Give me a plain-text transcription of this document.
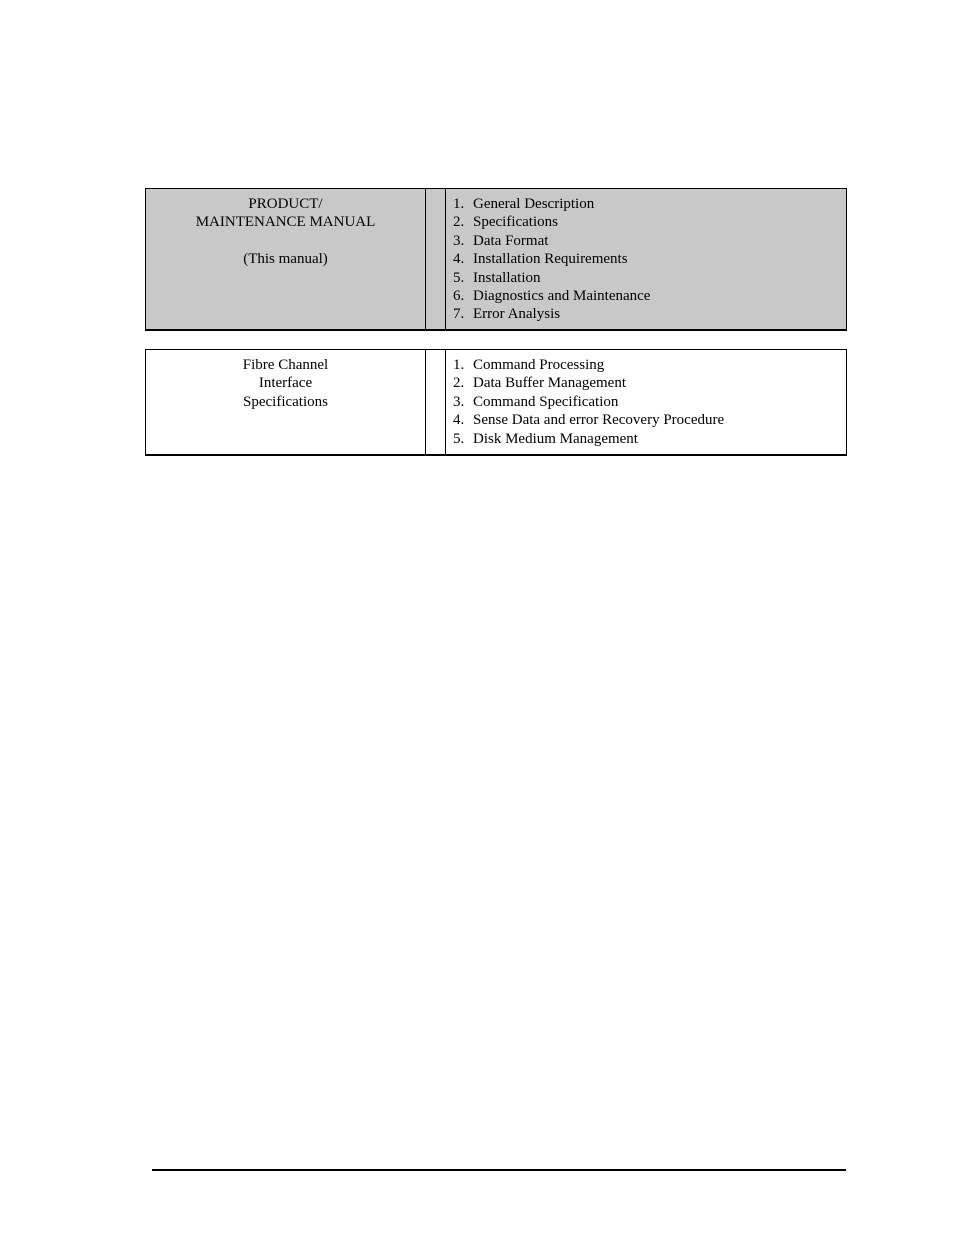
PRODUCT/
MAINTENANCE MANUAL
(This manual)
1. General Description
2. Specifications
3. Data Format
4. Installation Requirements
5. Installation
6. Diagnostics and Maintenance
7. Error Analysis
Fibre Channel
Interface
Specifications
1. Command Processing
2. Data Buffer Management
3. Command Specification
4. Sense Data and error Recovery Procedure
5. Disk Medium Management
